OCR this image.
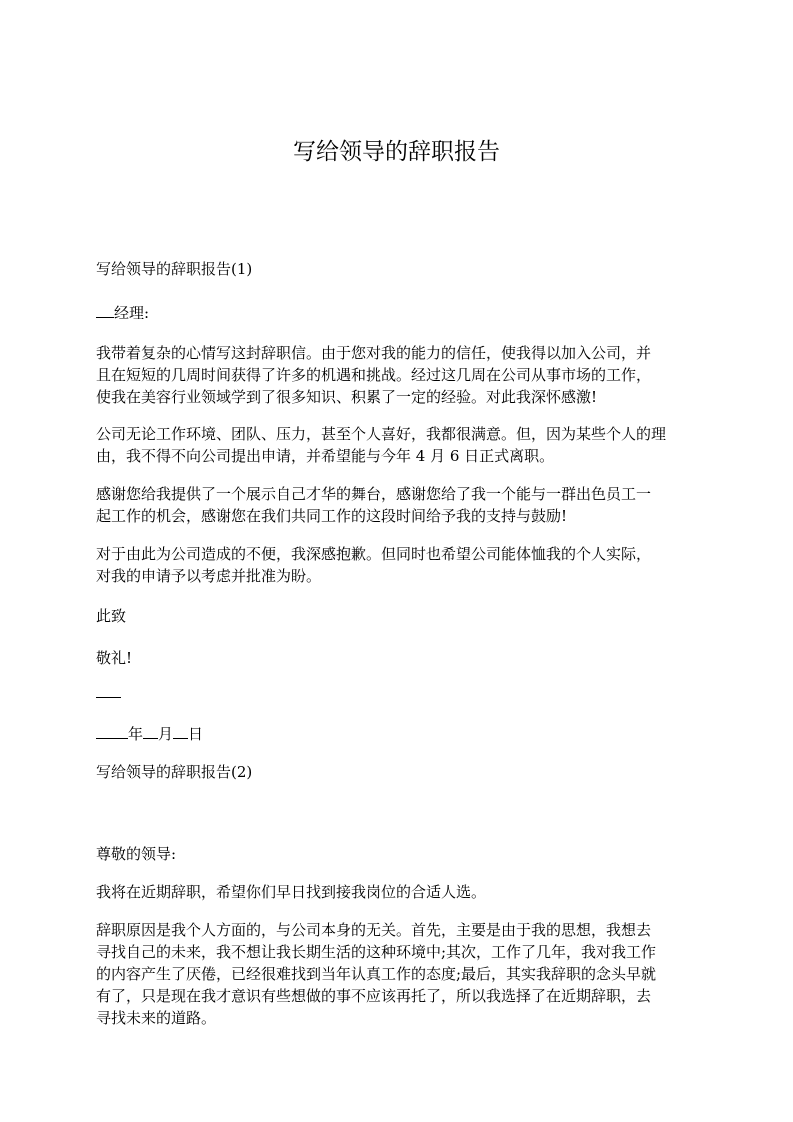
写给领导的辞职报告

写给领导的辞职报告(1)

经理:

我带着复杂的心情写这封辞职信。由于您对我的能力的信任，使我得以加入公司，并
且在短短的几周时间获得了许多的机遇和挑战。经过这几周在公司从事市场的工作，
使我在美容行业领域学到了很多知识、积累了一定的经验。对此我深怀感激!
公司无论工作环境、团队、压力，甚至个人喜好，我都很满意。但，因为某些个人的理
由，我不得不向公司提出申请，并希望能与今年 4 月 6 日正式离职。
感谢您给我提供了一个展示自己才华的舞台，感谢您给了我一个能与一群出色员工一
起工作的机会，感谢您在我们共同工作的这段时间给予我的支持与鼓励!
对于由此为公司造成的不便，我深感抱歉。但同时也希望公司能体恤我的个人实际，
对我的申请予以考虑并批准为盼。

此致

敬礼!

年 月 日

写给领导的辞职报告(2)

尊敬的领导:

我将在近期辞职，希望你们早日找到接我岗位的合适人选。
辞职原因是我个人方面的，与公司本身的无关。首先，主要是由于我的思想，我想去
寻找自己的未来，我不想让我长期生活的这种环境中;其次，工作了几年，我对我工作
的内容产生了厌倦，已经很难找到当年认真工作的态度;最后，其实我辞职的念头早就
有了，只是现在我才意识有些想做的事不应该再托了，所以我选择了在近期辞职，去
寻找未来的道路。
